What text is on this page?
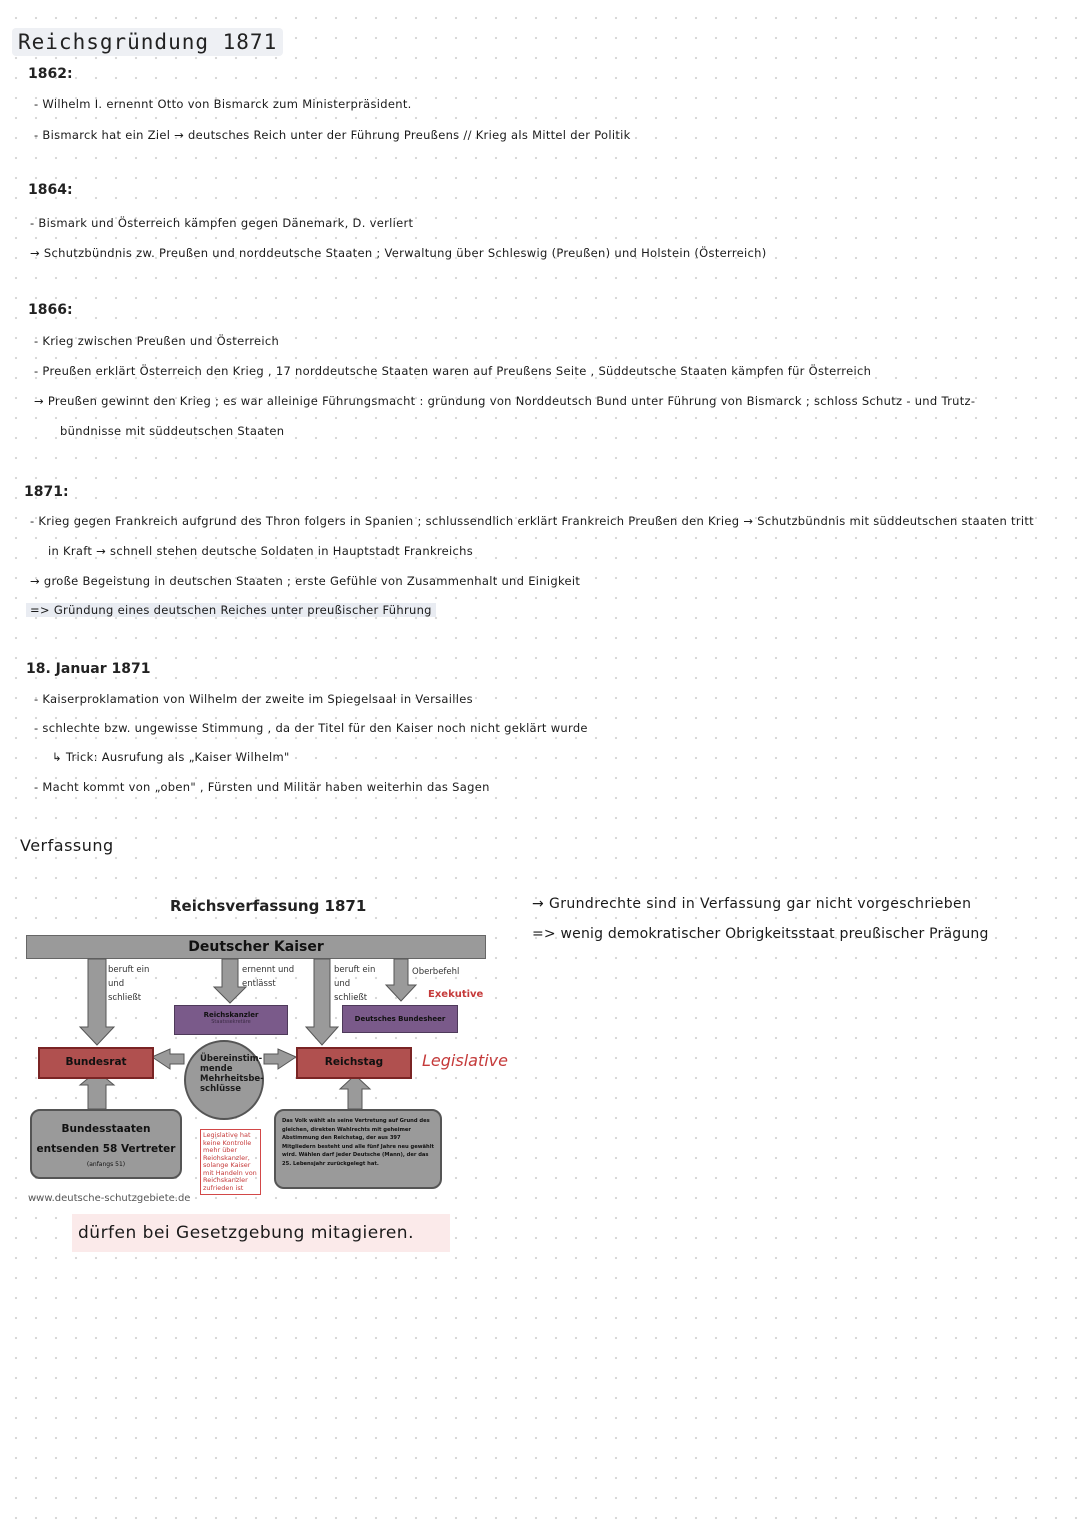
Reichsgründung 1871
1862:
- Wilhelm I. ernennt Otto von Bismarck zum Ministerpräsident.
- Bismarck hat ein Ziel → deutsches Reich unter der Führung Preußens // Krieg als Mittel der Politik
1864:
- Bismark und Österreich kämpfen gegen Dänemark, D. verliert
→ Schutzbündnis zw. Preußen und norddeutsche Staaten ; Verwaltung über Schleswig (Preußen) und Holstein (Österreich)
1866:
- Krieg zwischen Preußen und Österreich
- Preußen erklärt Österreich den Krieg , 17 norddeutsche Staaten waren auf Preußens Seite , Süddeutsche Staaten kämpfen für Österreich
→ Preußen gewinnt den Krieg ; es war alleinige Führungsmacht : gründung von Norddeutsch Bund unter Führung von Bismarck ; schloss Schutz - und Trutz-
bündnisse mit süddeutschen Staaten
1871:
- Krieg gegen Frankreich aufgrund des Thron folgers in Spanien ; schlussendlich erklärt Frankreich Preußen den Krieg → Schutzbündnis mit süddeutschen staaten tritt
in Kraft → schnell stehen deutsche Soldaten in Hauptstadt Frankreichs
→ große Begeistung in deutschen Staaten ; erste Gefühle von Zusammenhalt und Einigkeit
=> Gründung eines deutschen Reiches unter preußischer Führung
18. Januar 1871
- Kaiserproklamation von Wilhelm der zweite im Spiegelsaal in Versailles
- schlechte bzw. ungewisse Stimmung , da der Titel für den Kaiser noch nicht geklärt wurde
↳ Trick: Ausrufung als „Kaiser Wilhelm"
- Macht kommt von „oben" , Fürsten und Militär haben weiterhin das Sagen
Verfassung
Reichsverfassung 1871
Deutscher Kaiser
beruft ein und schließt
ernennt und entlässt
beruft ein und schließt
Oberbefehl
Exekutive
Reichskanzler
Staatssekretäre	Deutsches Bundesheer
Bundesrat	Reichstag	Legislative
Übereinstim-mende Mehrheitsbe-schlüsse
Bundesstaaten
entsenden 58 Vertreter
(anfangs 51)
Das Volk wählt als seine Vertretung auf Grund des gleichen, direkten Wahlrechts mit geheimer Abstimmung den Reichstag, der aus 397 Mitgliedern besteht und alle fünf Jahre neu gewählt wird. Wählen darf jeder Deutsche (Mann), der das 25. Lebensjahr zurückgelegt hat.
Legislative hat keine Kontrolle mehr über Reichskanzler, solange Kaiser mit Handeln von Reichskanzler zufrieden ist
www.deutsche-schutzgebiete.de
dürfen bei Gesetzgebung mitagieren.
→ Grundrechte sind in Verfassung gar nicht vorgeschrieben
=> wenig demokratischer Obrigkeitsstaat preußischer Prägung
